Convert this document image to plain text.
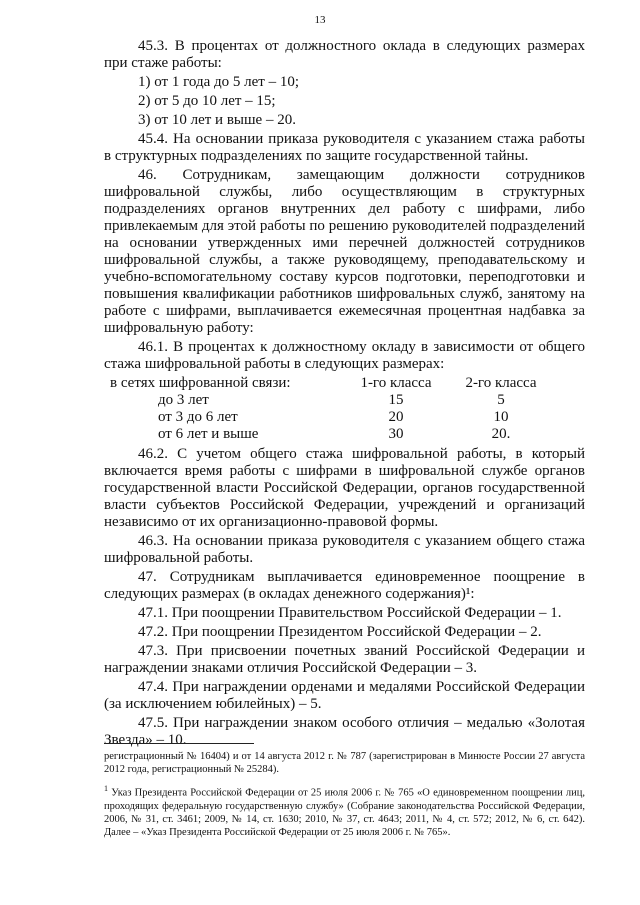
13

45.3. В процентах от должностного оклада в следующих размерах при стаже работы:

1) от 1 года до 5 лет – 10;

2) от 5 до 10 лет – 15;

3) от 10 лет и выше – 20.

45.4. На основании приказа руководителя с указанием стажа работы в структурных подразделениях по защите государственной тайны.

46. Сотрудникам, замещающим должности сотрудников шифровальной службы, либо осуществляющим в структурных подразделениях органов внутренних дел работу с шифрами, либо привлекаемым для этой работы по решению руководителей подразделений на основании утвержденных ими перечней должностей сотрудников шифровальной службы, а также руководящему, преподавательскому и учебно-вспомогательному составу курсов подготовки, переподготовки и повышения квалификации работников шифровальных служб, занятому на работе с шифрами, выплачивается ежемесячная процентная надбавка за шифровальную работу:

46.1. В процентах к должностному окладу в зависимости от общего стажа шифровальной работы в следующих размерах:

в сетях шифрованной связи:	1-го класса	2-го класса
до 3 лет	15	5
от 3 до 6 лет	20	10
от 6 лет и выше	30	20.

46.2. С учетом общего стажа шифровальной работы, в который включается время работы с шифрами в шифровальной службе органов государственной власти Российской Федерации, органов государственной власти субъектов Российской Федерации, учреждений и организаций независимо от их организационно-правовой формы.

46.3. На основании приказа руководителя с указанием общего стажа шифровальной работы.

47. Сотрудникам выплачивается единовременное поощрение в следующих размерах (в окладах денежного содержания)¹:

47.1. При поощрении Правительством Российской Федерации – 1.

47.2. При поощрении Президентом Российской Федерации – 2.

47.3. При присвоении почетных званий Российской Федерации и награждении знаками отличия Российской Федерации – 3.

47.4. При награждении орденами и медалями Российской Федерации (за исключением юбилейных) – 5.

47.5. При награждении знаком особого отличия – медалью «Золотая Звезда» – 10.

регистрационный № 16404) и от 14 августа 2012 г. № 787 (зарегистрирован в Минюсте России 27 августа 2012 года, регистрационный № 25284).

$^1$ Указ Президента Российской Федерации от 25 июля 2006 г. № 765 «О единовременном поощрении лиц, проходящих федеральную государственную службу» (Собрание законодательства Российской Федерации, 2006, № 31, ст. 3461; 2009, № 14, ст. 1630; 2010, № 37, ст. 4643; 2011, № 4, ст. 572; 2012, № 6, ст. 642). Далее – «Указ Президента Российской Федерации от 25 июля 2006 г. № 765».
